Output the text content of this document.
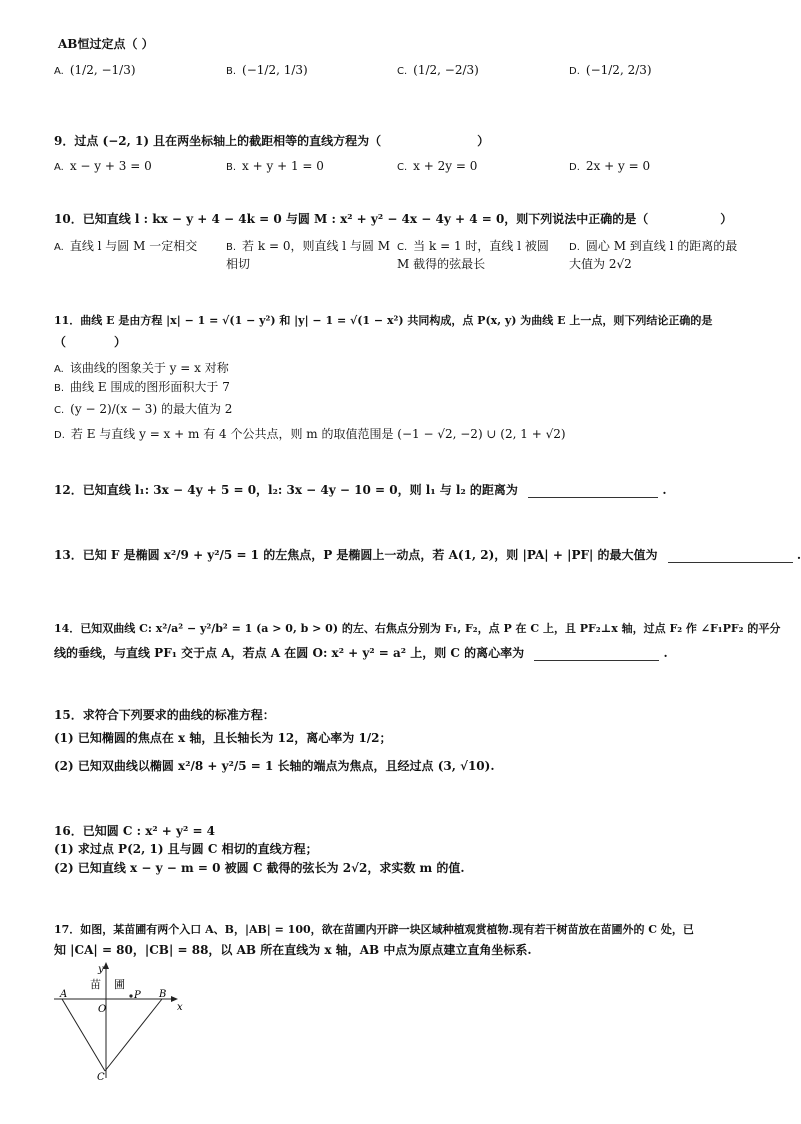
AB恒过定点（ ）
A. (1/2, −1/3)	B. (−1/2, 1/3)	C. (1/2, −2/3)	D. (−1/2, 2/3)
9．过点 (−2, 1) 且在两坐标轴上的截距相等的直线方程为（　　　　　　　　）
A. x − y + 3 = 0	B. x + y + 1 = 0	C. x + 2y = 0	D. 2x + y = 0
10．已知直线 l : kx − y + 4 − 4k = 0 与圆 M : x² + y² − 4x − 4y + 4 = 0，则下列说法中正确的是（　　　　　　）
A. 直线 l 与圆 M 一定相交	B. 若 k = 0，则直线 l 与圆 M 相切
C. 当 k = 1 时，直线 l 被圆 M 截得的弦最长
D. 圆心 M 到直线 l 的距离的最大值为 2√2
11．曲线 E 是由方程 |x| − 1 = √(1 − y²) 和 |y| − 1 = √(1 − x²) 共同构成，点 P(x, y) 为曲线 E 上一点，则下列结论正确的是
（　　　　）
A. 该曲线的图象关于 y = x 对称
B. 曲线 E 围成的图形面积大于 7
C. (y − 2)/(x − 3) 的最大值为 2
D. 若 E 与直线 y = x + m 有 4 个公共点，则 m 的取值范围是 (−1 − √2, −2) ∪ (2, 1 + √2)
12．已知直线 l₁: 3x − 4y + 5 = 0，l₂: 3x − 4y − 10 = 0，则 l₁ 与 l₂ 的距离为	.
13．已知 F 是椭圆 x²/9 + y²/5 = 1 的左焦点，P 是椭圆上一动点，若 A(1, 2)，则 |PA| + |PF| 的最大值为	.
14．已知双曲线 C: x²/a² − y²/b² = 1 (a > 0, b > 0) 的左、右焦点分别为 F₁, F₂，点 P 在 C 上，且 PF₂⊥x 轴，过点 F₂ 作 ∠F₁PF₂ 的平分
线的垂线，与直线 PF₁ 交于点 A，若点 A 在圆 O: x² + y² = a² 上，则 C 的离心率为	.
15．求符合下列要求的曲线的标准方程：
(1) 已知椭圆的焦点在 x 轴，且长轴长为 12，离心率为 1/2；
(2) 已知双曲线以椭圆 x²/8 + y²/5 = 1 长轴的端点为焦点，且经过点 (3, √10).
16．已知圆 C : x² + y² = 4
(1) 求过点 P(2, 1) 且与圆 C 相切的直线方程；
(2) 已知直线 x − y − m = 0 被圆 C 截得的弦长为 2√2，求实数 m 的值.
17．如图，某苗圃有两个入口 A、B，|AB| = 100，欲在苗圃内开辟一块区域种植观赏植物.现有若干树苗放在苗圃外的 C 处，已
知 |CA| = 80，|CB| = 88，以 AB 所在直线为 x 轴，AB 中点为原点建立直角坐标系.
y
x
A	B
C
O
P
苗 圃
